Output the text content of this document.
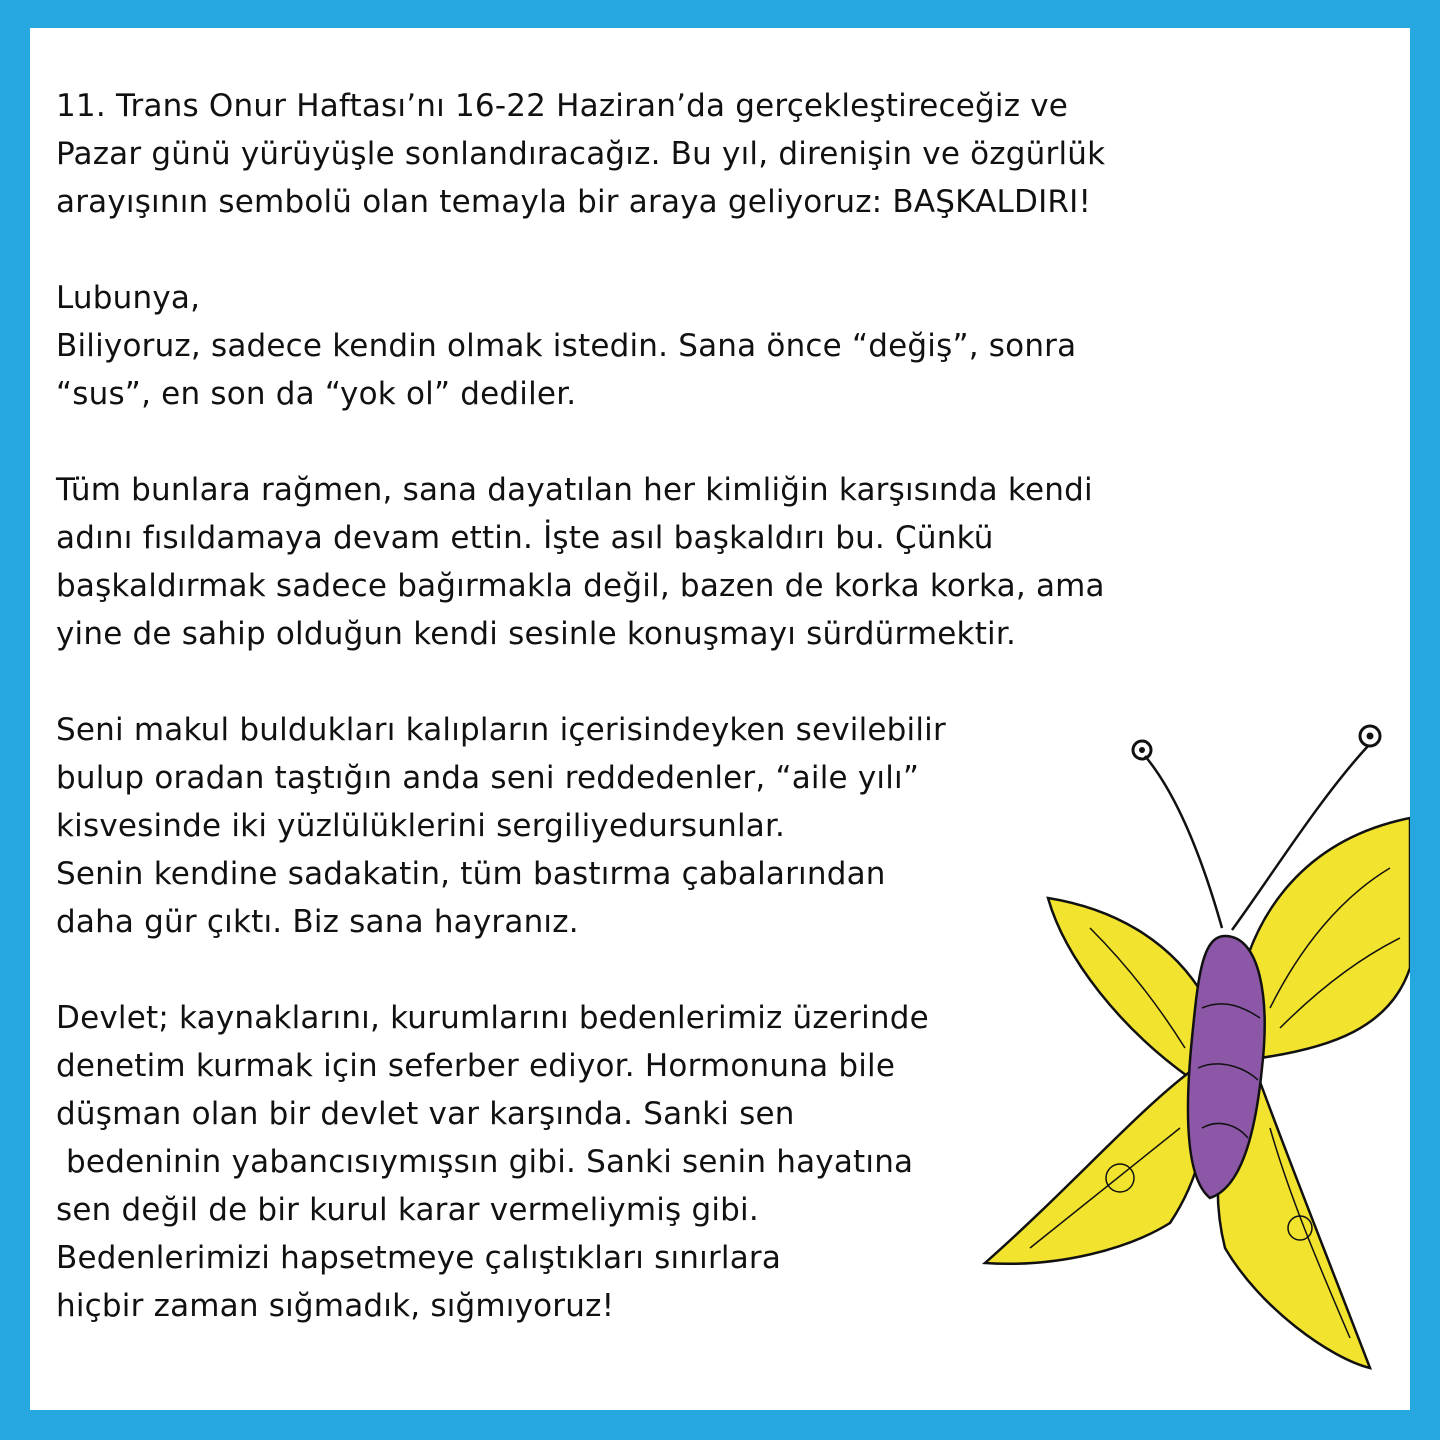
11. Trans Onur Haftası’nı 16-22 Haziran’da gerçekleştireceğiz ve
Pazar günü yürüyüşle sonlandıracağız. Bu yıl, direnişin ve özgürlük
arayışının sembolü olan temayla bir araya geliyoruz: BAŞKALDIRI!

Lubunya,
Biliyoruz, sadece kendin olmak istedin. Sana önce “değiş”, sonra
“sus”, en son da “yok ol” dediler.

Tüm bunlara rağmen, sana dayatılan her kimliğin karşısında kendi
adını fısıldamaya devam ettin. İşte asıl başkaldırı bu. Çünkü
başkaldırmak sadece bağırmakla değil, bazen de korka korka, ama
yine de sahip olduğun kendi sesinle konuşmayı sürdürmektir.

Seni makul buldukları kalıpların içerisindeyken sevilebilir
bulup oradan taştığın anda seni reddedenler, “aile yılı”
kisvesinde iki yüzlülüklerini sergiliyedursunlar.
Senin kendine sadakatin, tüm bastırma çabalarından
daha gür çıktı. Biz sana hayranız.

Devlet; kaynaklarını, kurumlarını bedenlerimiz üzerinde
denetim kurmak için seferber ediyor. Hormonuna bile
düşman olan bir devlet var karşında. Sanki sen
bedeninin yabancısıymışsın gibi. Sanki senin hayatına
sen değil de bir kurul karar vermeliymiş gibi.
Bedenlerimizi hapsetmeye çalıştıkları sınırlara
hiçbir zaman sığmadık, sığmıyoruz!
